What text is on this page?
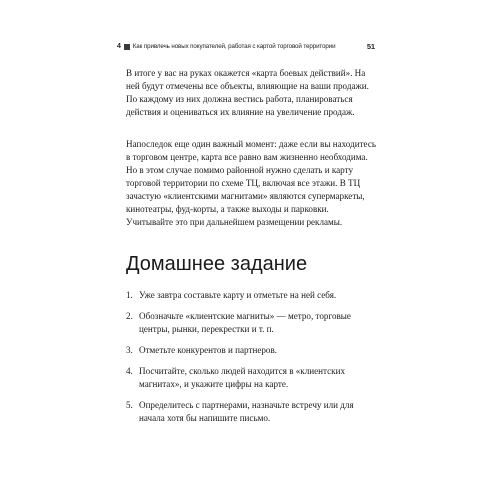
4 Как привлечь новых покупателей, работая с картой торговой территории	51

В итоге у вас на руках окажется «карта боевых действий». На ней будут отмечены все объекты, влияющие на ваши продажи. По каждому из них должна вестись работа, планироваться действия и оцениваться их влияние на увеличение продаж.

Напоследок еще один важный момент: даже если вы находитесь в торговом центре, карта все равно вам жизненно необходима. Но в этом случае помимо районной нужно сделать и карту торговой территории по схеме ТЦ, включая все этажи. В ТЦ зачастую «клиентскими магнитами» являются супермаркеты, кинотеатры, фуд-корты, а также выходы и парковки. Учитывайте это при дальнейшем размещении рекламы.

Домашнее задание
1. Уже завтра составьте карту и отметьте на ней себя.
2. Обозначьте «клиентские магниты» — метро, торговые центры, рынки, перекрестки и т. п.
3. Отметьте конкурентов и партнеров.
4. Посчитайте, сколько людей находится в «клиентских магнитах», и укажите цифры на карте.
5. Определитесь с партнерами, назначьте встречу или для начала хотя бы напишите письмо.
